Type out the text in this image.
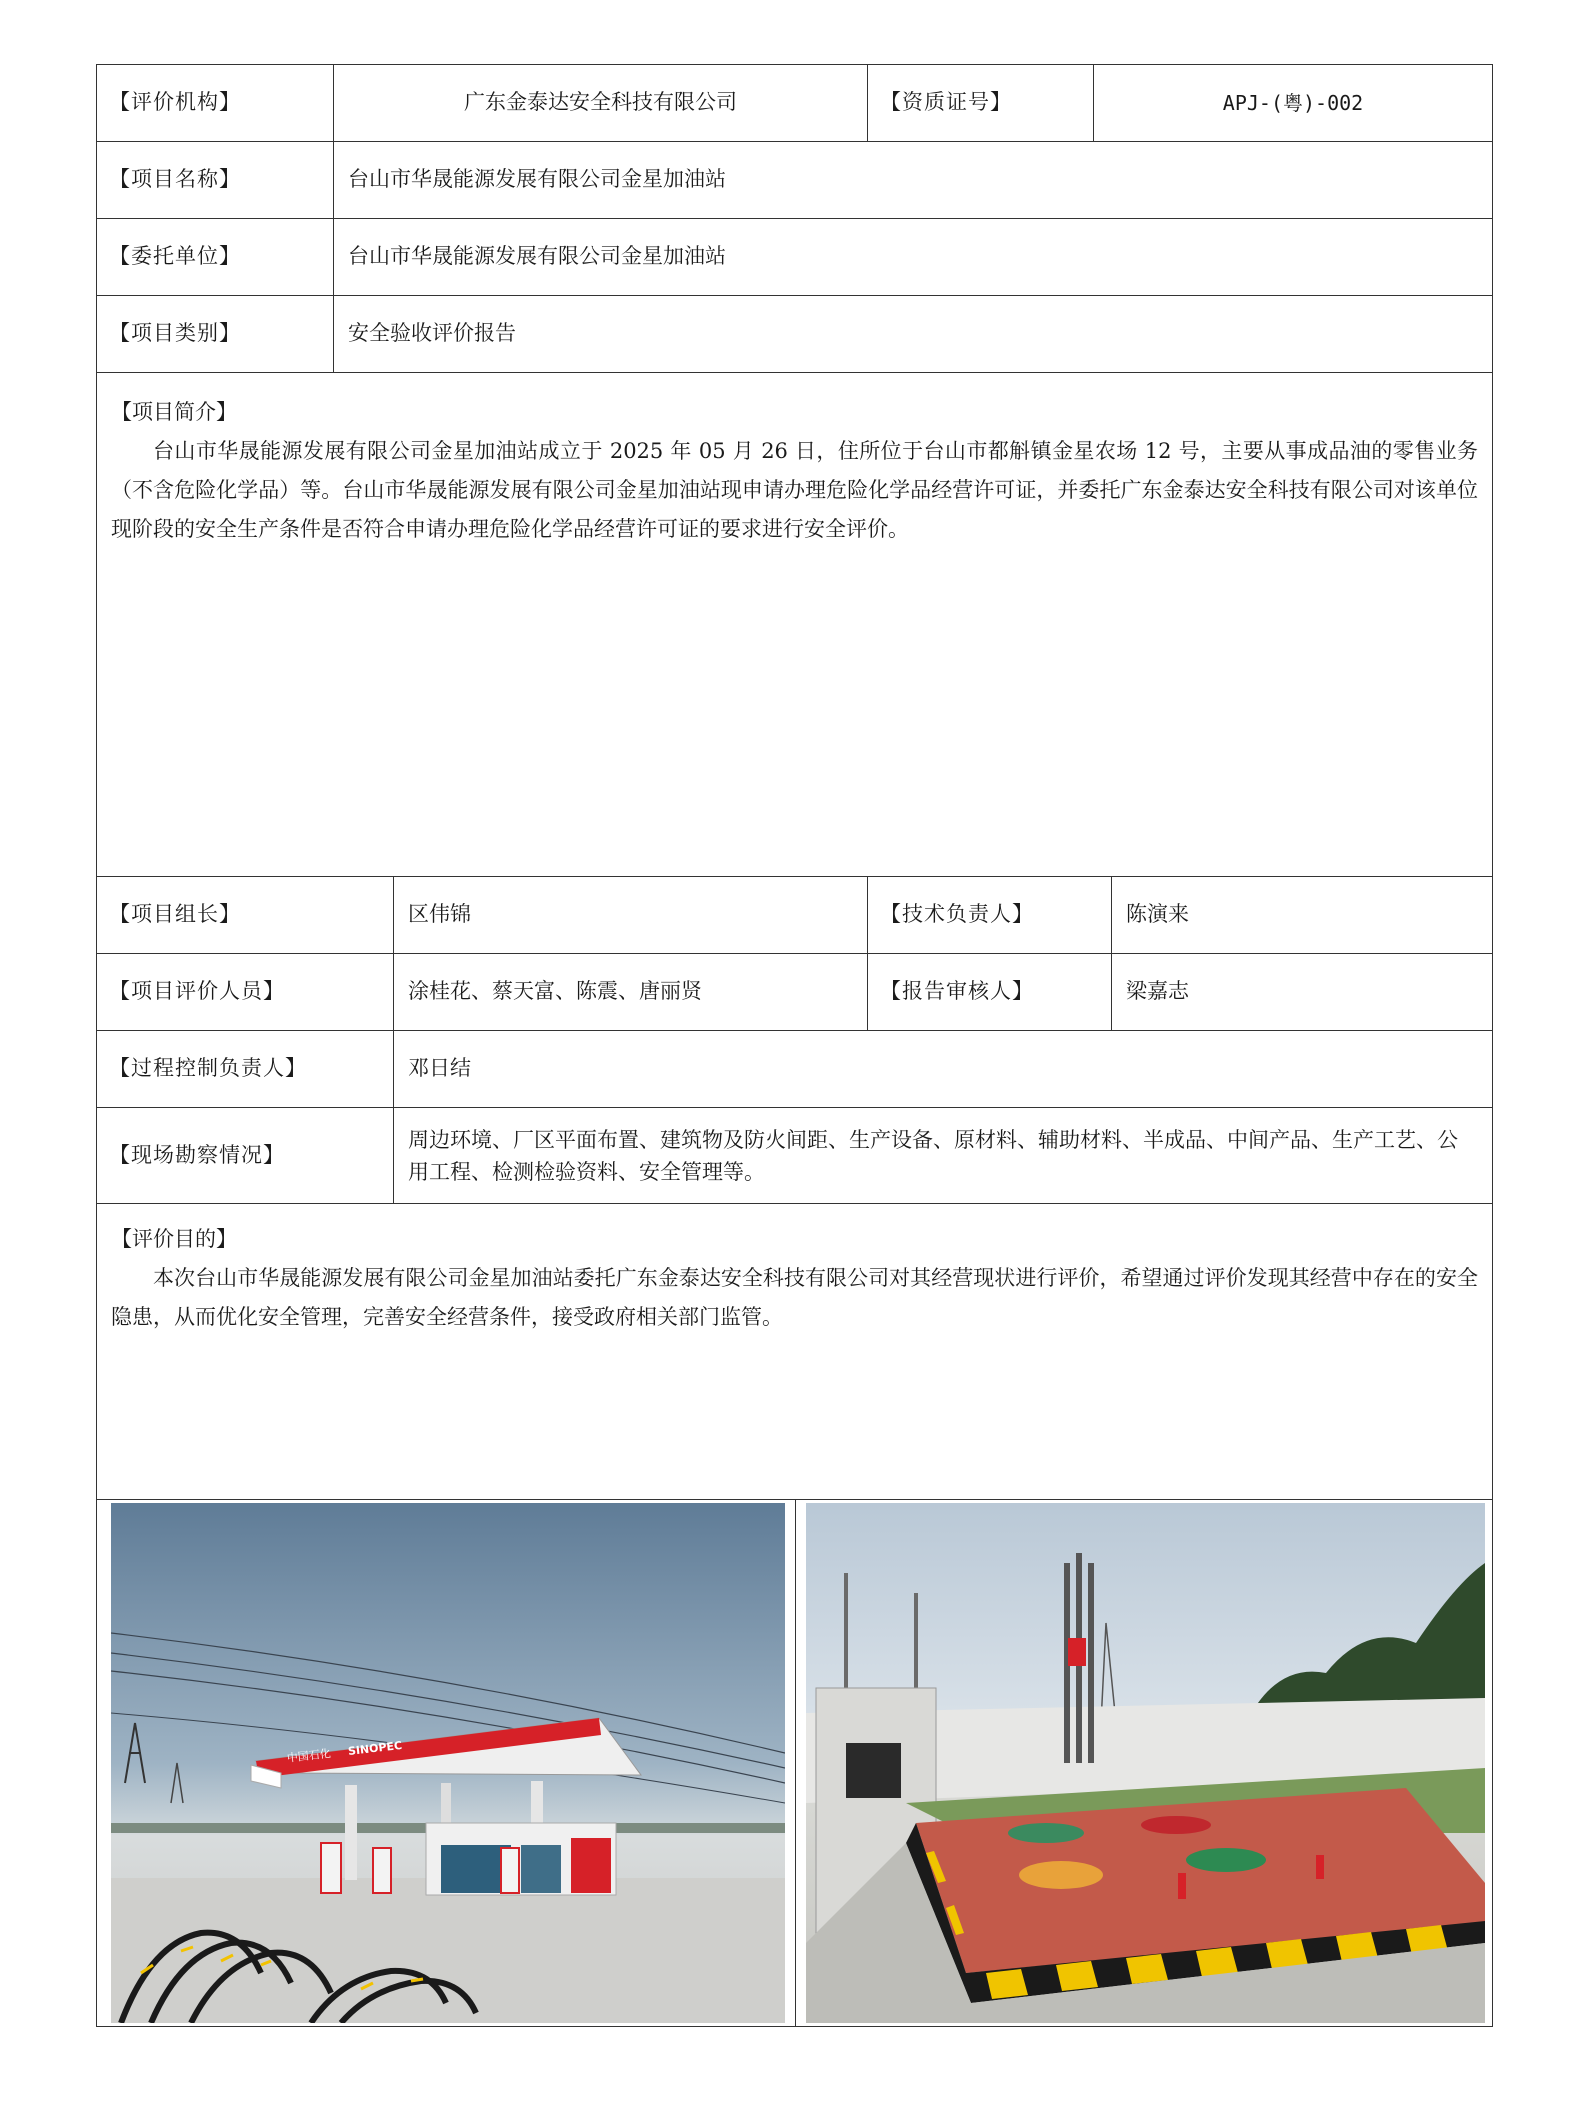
【评价机构】	广东金泰达安全科技有限公司	【资质证号】	APJ-(粤)-002
【项目名称】	台山市华晟能源发展有限公司金星加油站
【委托单位】	台山市华晟能源发展有限公司金星加油站
【项目类别】	安全验收评价报告
【项目简介】

台山市华晟能源发展有限公司金星加油站成立于 2025 年 05 月 26 日，住所位于台山市都斛镇金星农场 12 号，主要从事成品油的零售业务（不含危险化学品）等。台山市华晟能源发展有限公司金星加油站现申请办理危险化学品经营许可证，并委托广东金泰达安全科技有限公司对该单位现阶段的安全生产条件是否符合申请办理危险化学品经营许可证的要求进行安全评价。

【项目组长】	区伟锦	【技术负责人】	陈演来
【项目评价人员】	涂桂花、蔡天富、陈震、唐丽贤	【报告审核人】	梁嘉志
【过程控制负责人】	邓日结
【现场勘察情况】
周边环境、厂区平面布置、建筑物及防火间距、生产设备、原材料、辅助材料、半成品、中间产品、生产工艺、公用工程、检测检验资料、安全管理等。
【评价目的】

本次台山市华晟能源发展有限公司金星加油站委托广东金泰达安全科技有限公司对其经营现状进行评价，希望通过评价发现其经营中存在的安全隐患，从而优化安全管理，完善安全经营条件，接受政府相关部门监管。

中国石化 SINOPEC
